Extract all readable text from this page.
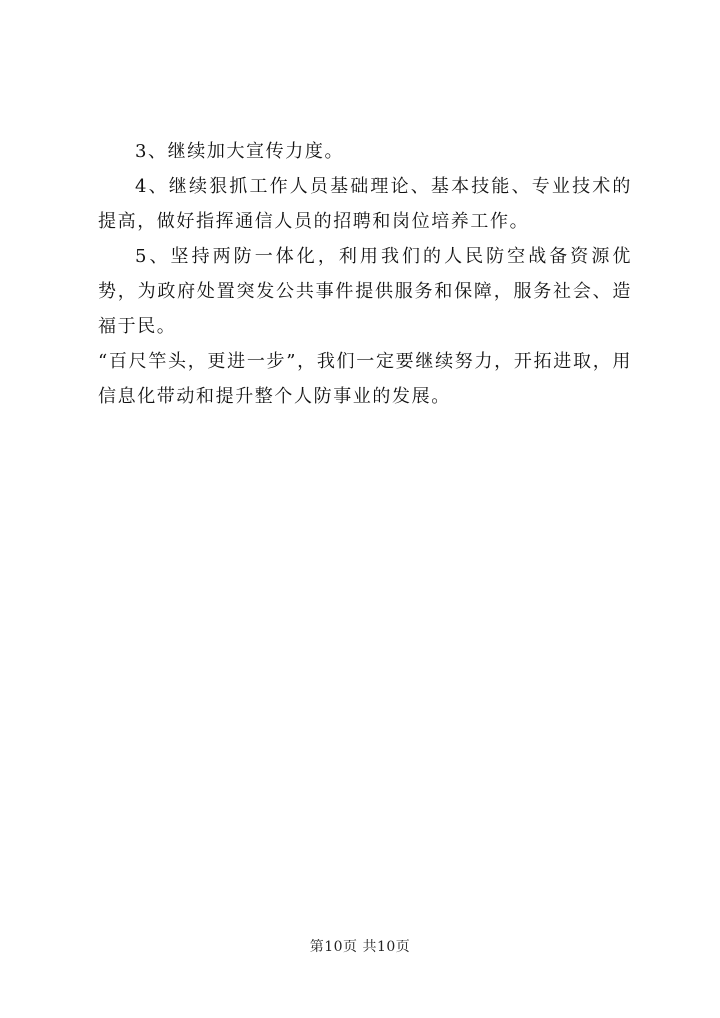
3、继续加大宣传力度。

4、继续狠抓工作人员基础理论、基本技能、专业技术的提高，做好指挥通信人员的招聘和岗位培养工作。

5、坚持两防一体化，利用我们的人民防空战备资源优势，为政府处置突发公共事件提供服务和保障，服务社会、造福于民。

“百尺竿头，更进一步”，我们一定要继续努力，开拓进取，用信息化带动和提升整个人防事业的发展。

第10页 共10页
